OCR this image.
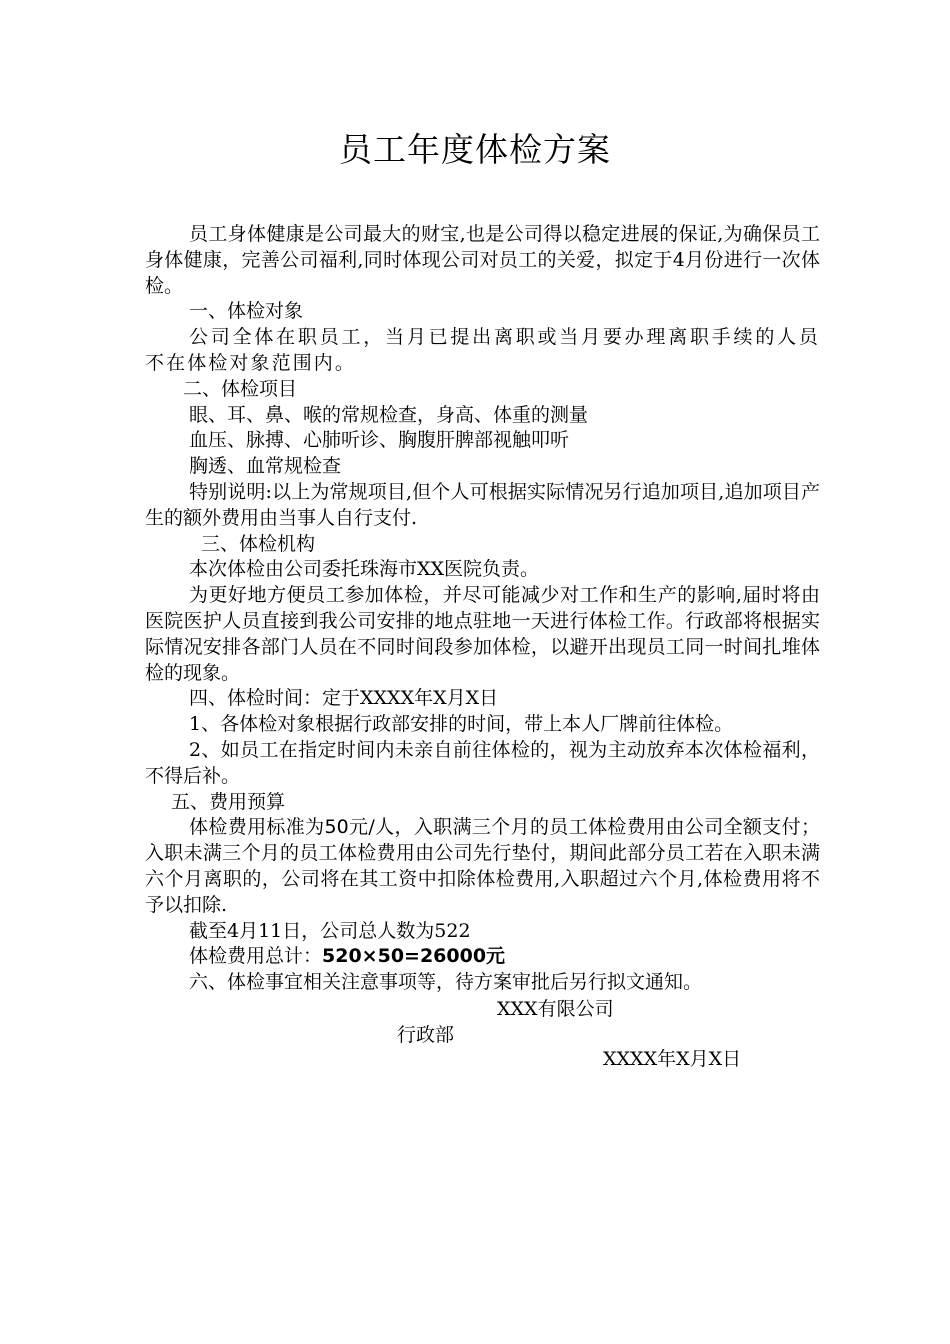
员工年度体检方案

员工身体健康是公司最大的财宝,也是公司得以稳定进展的保证,为确保员工身体健康，完善公司福利,同时体现公司对员工的关爱，拟定于4月份进行一次体检。

一、体检对象

公司全体在职员工，当月已提出离职或当月要办理离职手续的人员不在体检对象范围内。

二、体检项目

眼、耳、鼻、喉的常规检查，身高、体重的测量

血压、脉搏、心肺听诊、胸腹肝脾部视触叩听

胸透、血常规检查

特别说明:以上为常规项目,但个人可根据实际情况另行追加项目,追加项目产生的额外费用由当事人自行支付.

三、体检机构

本次体检由公司委托珠海市XX医院负责。

为更好地方便员工参加体检，并尽可能减少对工作和生产的影响,届时将由医院医护人员直接到我公司安排的地点驻地一天进行体检工作。行政部将根据实际情况安排各部门人员在不同时间段参加体检，以避开出现员工同一时间扎堆体检的现象。

四、体检时间：定于XXXX年X月X日

1、各体检对象根据行政部安排的时间，带上本人厂牌前往体检。

2、如员工在指定时间内未亲自前往体检的，视为主动放弃本次体检福利，不得后补。

五、费用预算

体检费用标准为50元/人，入职满三个月的员工体检费用由公司全额支付；入职未满三个月的员工体检费用由公司先行垫付，期间此部分员工若在入职未满六个月离职的，公司将在其工资中扣除体检费用,入职超过六个月,体检费用将不予以扣除.

截至4月11日，公司总人数为522

体检费用总计：520×50=26000元

六、体检事宜相关注意事项等，待方案审批后另行拟文通知。

XXX有限公司
行政部
XXXX年X月X日
